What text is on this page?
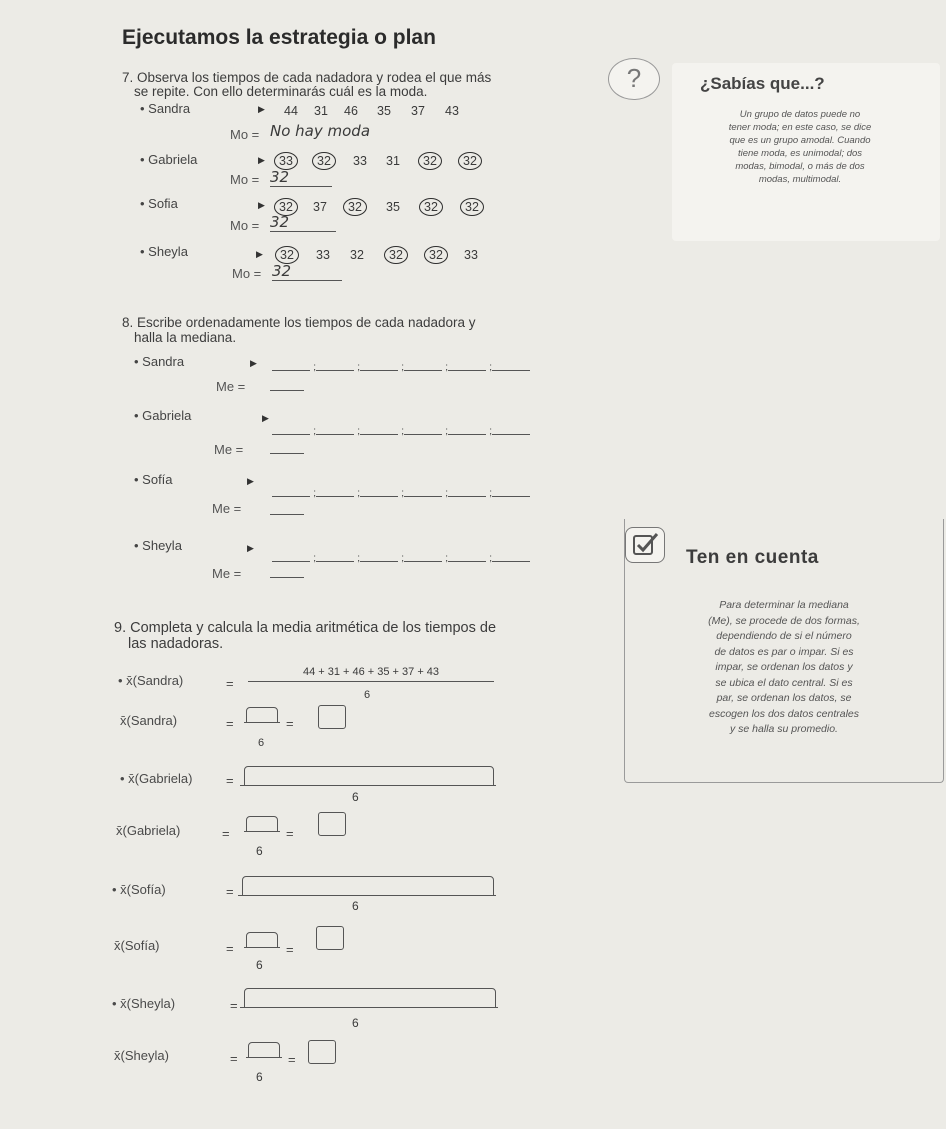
Ejecutamos la estrategia o plan
7. Observa los tiempos de cada nadadora y rodea el que más
se repite. Con ello determinarás cuál es la moda.
• Sandra	▶	44 31 46 35 37 43
Mo = No hay moda
• Gabriela	▶	33 32 33 31 32 32
Mo = 32
• Sofia	▶	32 37 32 35 32 32
Mo = 32
• Sheyla	▶	32 33 32 32 32 33
Mo = 32
?	¿Sabías que...?
Un grupo de datos puede no
tener moda; en este caso, se dice
que es un grupo amodal. Cuando
tiene moda, es unimodal; dos
modas, bimodal, o más de dos
modas, multimodal.
8. Escribe ordenadamente los tiempos de cada nadadora y
halla la mediana.
• Sandra	▶
;;;;;
Me =
• Gabriela	▶
;;;;;
Me =
• Sofía	▶
;;;;;
Me =
• Sheyla	▶
;;;;;
Me =
Ten en cuenta
Para determinar la mediana
(Me), se procede de dos formas,
dependiendo de si el número
de datos es par o impar. Si es
impar, se ordenan los datos y
se ubica el dato central. Si es
par, se ordenan los datos, se
escogen los dos datos centrales
y se halla su promedio.
9. Completa y calcula la media aritmética de los tiempos de
las nadadoras.
• x̄(Sandra)	=
44 + 31 + 46 + 35 + 37 + 43
6
x̄(Sandra)	=
6
=
• x̄(Gabriela)	=
6
x̄(Gabriela)	=
6
=
• x̄(Sofía)	=
6
x̄(Sofía)	=
6
=
• x̄(Sheyla)	=
6
x̄(Sheyla)	=
6
=
